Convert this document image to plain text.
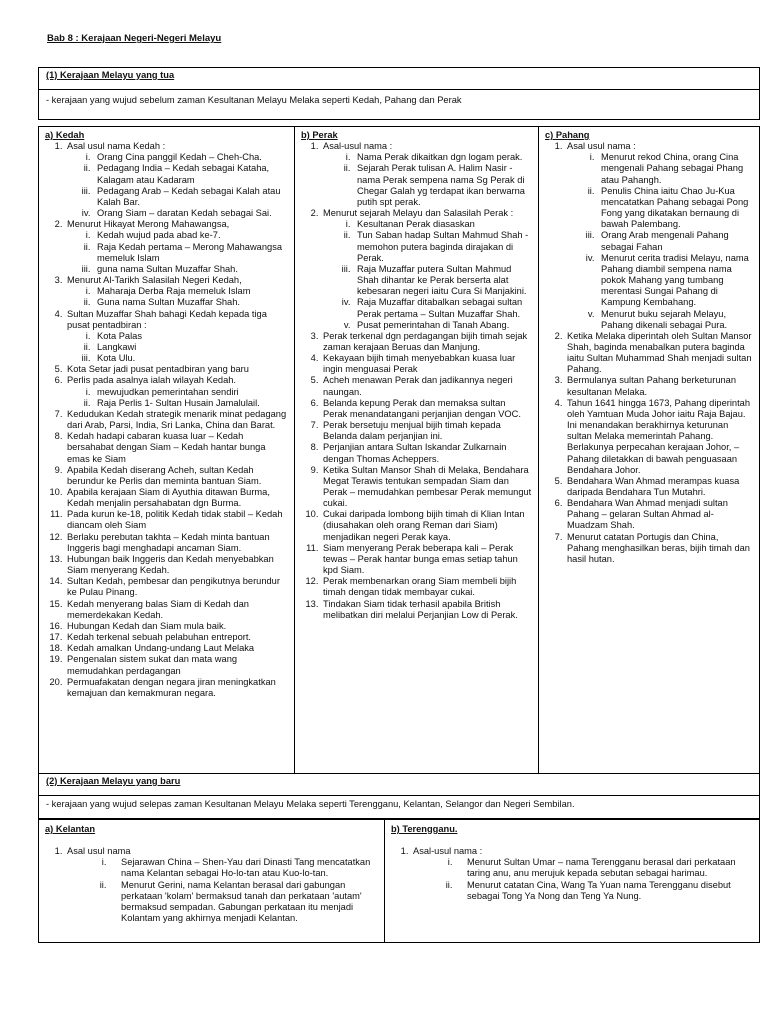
Bab 8 : Kerajaan Negeri-Negeri Melayu
(1) Kerajaan Melayu yang tua
- kerajaan yang wujud sebelum zaman Kesultanan Melayu Melaka seperti Kedah, Pahang dan Perak
a) Kedah
1. Asal usul nama Kedah :
i. Orang Cina panggil Kedah – Cheh-Cha.
ii. Pedagang India – Kedah sebagai Kataha, Kalagam atau Kadaram
iii. Pedagang Arab – Kedah sebagai Kalah atau Kalah Bar.
iv. Orang Siam – daratan Kedah sebagai Sai.
2. Menurut Hikayat Merong Mahawangsa,
i. Kedah wujud pada abad ke-7.
ii. Raja Kedah pertama – Merong Mahawangsa memeluk Islam
iii. guna nama Sultan Muzaffar Shah.
3. Menurut Al-Tarikh Salasilah Negeri Kedah,
i. Maharaja Derba Raja memeluk Islam
ii. Guna nama Sultan Muzaffar Shah.
4. Sultan Muzaffar Shah bahagi Kedah kepada tiga pusat pentadbiran :
i. Kota Palas
ii. Langkawi
iii. Kota Ulu.
5. Kota Setar jadi pusat pentadbiran yang baru
6. Perlis pada asalnya ialah wilayah Kedah.
i. mewujudkan pemerintahan sendiri
ii. Raja Perlis 1- Sultan Husain Jamalulail.
7. Kedudukan Kedah strategik menarik minat pedagang dari Arab, Parsi, India, Sri Lanka, China dan Barat.
8. Kedah hadapi cabaran kuasa luar – Kedah bersahabat dengan Siam – Kedah hantar bunga emas ke Siam
9. Apabila Kedah diserang Acheh, sultan Kedah berundur ke Perlis dan meminta bantuan Siam.
10. Apabila kerajaan Siam di Ayuthia ditawan Burma, Kedah menjalin persahabatan dgn Burma.
11. Pada kurun ke-18, politik Kedah tidak stabil – Kedah diancam oleh Siam
12. Berlaku perebutan takhta – Kedah minta bantuan Inggeris bagi menghadapi ancaman Siam.
13. Hubungan baik Inggeris dan Kedah menyebabkan Siam menyerang Kedah.
14. Sultan Kedah, pembesar dan pengikutnya berundur ke Pulau Pinang.
15. Kedah menyerang balas Siam di Kedah dan memerdekakan Kedah.
16. Hubungan Kedah dan Siam mula baik.
17. Kedah terkenal sebuah pelabuhan entreport.
18. Kedah amalkan Undang-undang Laut Melaka
19. Pengenalan sistem sukat dan mata wang memudahkan perdagangan
20. Permuafakatan dengan negara jiran meningkatkan kemajuan dan kemakmuran negara.
b) Perak
1. Asal-usul nama :
i. Nama Perak dikaitkan dgn logam perak.
ii. Sejarah Perak tulisan A. Halim Nasir - nama Perak sempena nama Sg Perak di Chegar Galah yg terdapat ikan berwarna putih spt perak.
2. Menurut sejarah Melayu dan Salasilah Perak :
i. Kesultanan Perak diasaskan
ii. Tun Saban hadap Sultan Mahmud Shah - memohon putera baginda dirajakan di Perak.
iii. Raja Muzaffar putera Sultan Mahmud Shah dihantar ke Perak berserta alat kebesaran negeri iaitu Cura Si Manjakini.
iv. Raja Muzaffar ditabalkan sebagai sultan Perak pertama – Sultan Muzaffar Shah.
v. Pusat pemerintahan di Tanah Abang.
3. Perak terkenal dgn perdagangan bijih timah sejak zaman kerajaan Beruas dan Manjung.
4. Kekayaan bijih timah menyebabkan kuasa luar ingin menguasai Perak
5. Acheh menawan Perak dan jadikannya negeri naungan.
6. Belanda kepung Perak dan memaksa sultan Perak menandatangani perjanjian dengan VOC.
7. Perak bersetuju menjual bijih timah kepada Belanda dalam perjanjian ini.
8. Perjanjian antara Sultan Iskandar Zulkarnain dengan Thomas Acheppers.
9. Ketika Sultan Mansor Shah di Melaka, Bendahara Megat Terawis tentukan sempadan Siam dan Perak – memudahkan pembesar Perak memungut cukai.
10. Cukai daripada lombong bijih timah di Klian Intan (diusahakan oleh orang Reman dari Siam) menjadikan negeri Perak kaya.
11. Siam menyerang Perak beberapa kali – Perak tewas – Perak hantar bunga emas setiap tahun kpd Siam.
12. Perak membenarkan orang Siam membeli bijih timah dengan tidak membayar cukai.
13. Tindakan Siam tidak terhasil apabila British melibatkan diri melalui Perjanjian Low di Perak.
c) Pahang
1. Asal usul nama :
i. Menurut rekod China, orang Cina mengenali Pahang sebagai Phang atau Pahangh.
ii. Penulis China iaitu Chao Ju-Kua mencatatkan Pahang sebagai Pong Fong yang dikatakan bernaung di bawah Palembang.
iii. Orang Arab mengenali Pahang sebagai Fahan
iv. Menurut cerita tradisi Melayu, nama Pahang diambil sempena nama pokok Mahang yang tumbang merentasi Sungai Pahang di Kampung Kembahang.
v. Menurut buku sejarah Melayu, Pahang dikenali sebagai Pura.
2. Ketika Melaka diperintah oleh Sultan Mansor Shah, baginda menabalkan putera baginda iaitu Sultan Muhammad Shah menjadi sultan Pahang.
3. Bermulanya sultan Pahang berketurunan kesultanan Melaka.
4. Tahun 1641 hingga 1673, Pahang diperintah oleh Yamtuan Muda Johor iaitu Raja Bajau. Ini menandakan berakhirnya keturunan sultan Melaka memerintah Pahang. Berlakunya perpecahan kerajaan Johor, – Pahang diletakkan di bawah penguasaan Bendahara Johor.
5. Bendahara Wan Ahmad merampas kuasa daripada Bendahara Tun Mutahri.
6. Bendahara Wan Ahmad menjadi sultan Pahang – gelaran Sultan Ahmad al-Muadzam Shah.
7. Menurut catatan Portugis dan China, Pahang menghasilkan beras, bijih timah dan hasil hutan.
(2) Kerajaan Melayu yang baru
- kerajaan yang wujud selepas zaman Kesultanan Melayu Melaka seperti Terengganu, Kelantan, Selangor dan Negeri Sembilan.
a) Kelantan
1. Asal usul nama
i. Sejarawan China – Shen-Yau dari Dinasti Tang mencatatkan nama Kelantan sebagai Ho-lo-tan atau Kuo-lo-tan.
ii. Menurut Gerini, nama Kelantan berasal dari gabungan perkataan 'kolam' bermaksud tanah dan perkataan 'autam' bermaksud sempadan. Gabungan perkataan itu menjadi Kolantam yang akhirnya menjadi Kelantan.
b) Terengganu.
1. Asal-usul nama :
i. Menurut Sultan Umar – nama Terengganu berasal dari perkataan taring anu, anu merujuk kepada sebutan sebagai harimau.
ii. Menurut catatan Cina, Wang Ta Yuan nama Terengganu disebut sebagai Tong Ya Nong dan Teng Ya Nung.
